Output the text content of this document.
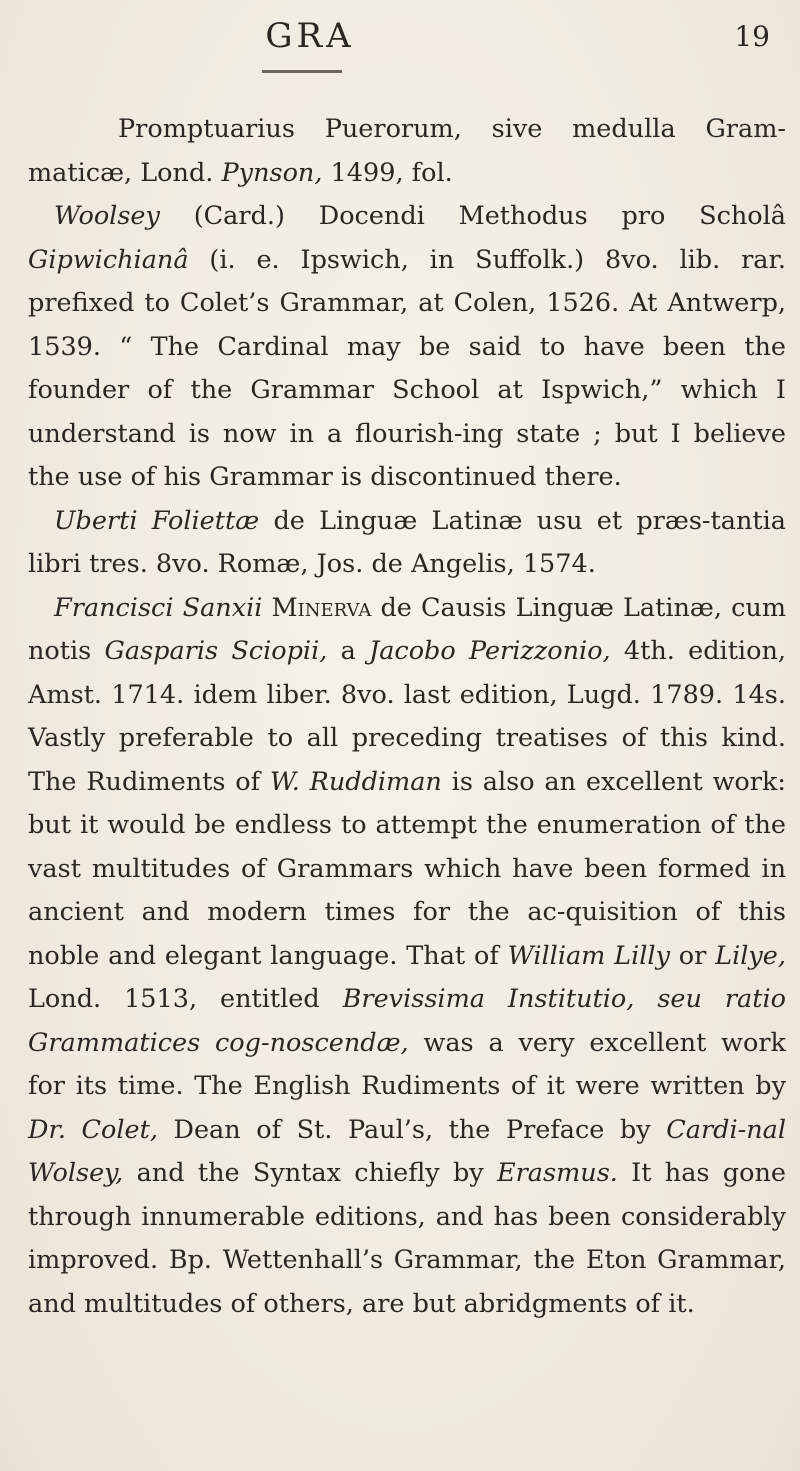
GRA	19

Promptuarius Puerorum, sive medulla Gram-maticæ, Lond. Pynson, 1499, fol.

Woolsey (Card.) Docendi Methodus pro Scholâ Gipwichianâ (i. e. Ipswich, in Suffolk.) 8vo. lib. rar. prefixed to Colet’s Grammar, at Colen, 1526. At Antwerp, 1539. “ The Cardinal may be said to have been the founder of the Grammar School at Ispwich,” which I understand is now in a flourish-ing state ; but I believe the use of his Grammar is discontinued there.

Uberti Foliettæ de Linguæ Latinæ usu et præs-tantia libri tres. 8vo. Romæ, Jos. de Angelis, 1574.

Francisci Sanxii Minerva de Causis Linguæ Latinæ, cum notis Gasparis Sciopii, a Jacobo Perizzonio, 4th. edition, Amst. 1714. idem liber. 8vo. last edition, Lugd. 1789. 14s. Vastly preferable to all preceding treatises of this kind. The Rudiments of W. Ruddiman is also an excellent work: but it would be endless to attempt the enumeration of the vast multitudes of Grammars which have been formed in ancient and modern times for the ac-quisition of this noble and elegant language. That of William Lilly or Lilye, Lond. 1513, entitled Brevissima Institutio, seu ratio Grammatices cog-noscendæ, was a very excellent work for its time. The English Rudiments of it were written by Dr. Colet, Dean of St. Paul’s, the Preface by Cardi-nal Wolsey, and the Syntax chiefly by Erasmus. It has gone through innumerable editions, and has been considerably improved. Bp. Wettenhall’s Grammar, the Eton Grammar, and multitudes of others, are but abridgments of it.
